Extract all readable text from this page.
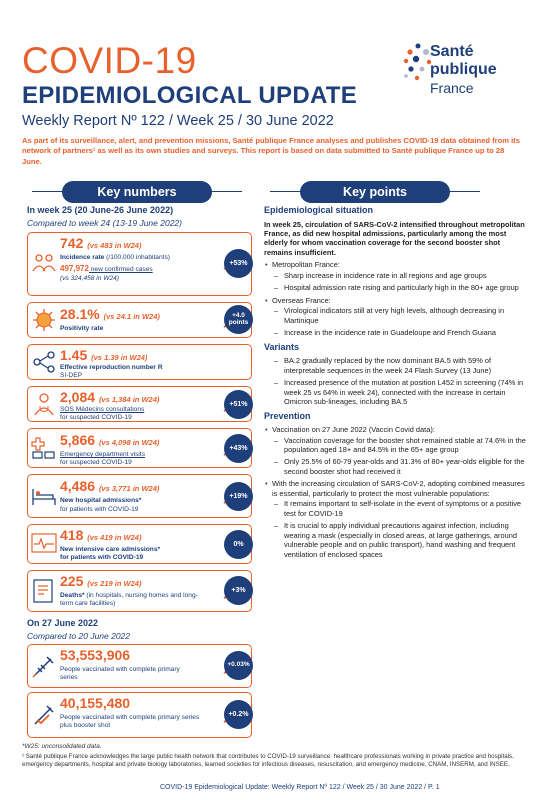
COVID-19
EPIDEMIOLOGICAL UPDATE
Weekly Report Nº 122 / Week 25 / 30 June 2022
Santé
publique
France
As part of its surveillance, alert, and prevention missions, Santé publique France analyses and publishes COVID-19 data obtained from its network of partners¹ as well as its own studies and surveys. This report is based on data submitted to Santé publique France up to 28 June.
Key numbers	Key points
In week 25 (20 June-26 June 2022)
Compared to week 24 (13-19 June 2022)
742 (vs 483 in W24)
Incidence rate (/100,000 inhabitants)
497,972 new confirmed cases
(vs 324,458 in W24)
+53%
28.1% (vs 24.1 in W24)
Positivity rate
+4.0 points
1.45 (vs 1.39 in W24)
Effective reproduction number R
SI-DEP
2,084 (vs 1,384 in W24)
SOS Médecins consultations
for suspected COVID-19
+51%
5,866 (vs 4,098 in W24)
Emergency department visits
for suspected COVID-19
+43%
4,486 (vs 3,771 in W24)
New hospital admissions*
for patients with COVID-19
+19%
418 (vs 419 in W24)
New intensive care admissions*
for patients with COVID-19
0%
225 (vs 219 in W24)
Deaths* (in hospitals, nursing homes and long-term care facilities)
+3%
On 27 June 2022
Compared to 20 June 2022
53,553,906
People vaccinated with complete primary series
+0.03%
40,155,480
People vaccinated with complete primary series plus booster shot
+0.2%
Epidemiological situation
In week 25, circulation of SARS-CoV-2 intensified throughout metropolitan France, as did new hospital admissions, particularly among the most elderly for whom vaccination coverage for the second booster shot remains insufficient.
• Metropolitan France:
– Sharp increase in incidence rate in all regions and age groups
– Hospital admission rate rising and particularly high in the 80+ age group
• Overseas France:
– Virological indicators still at very high levels, although decreasing in Martinique
– Increase in the incidence rate in Guadeloupe and French Guiana
Variants
– BA.2 gradually replaced by the now dominant BA.5 with 59% of interpretable sequences in the week 24 Flash Survey (13 June)
– Increased presence of the mutation at position L452 in screening (74% in week 25 vs 64% in week 24), connected with the increase in certain Omicron sub-lineages, including BA.5
Prevention
• Vaccination on 27 June 2022 (Vaccin Covid data):
– Vaccination coverage for the booster shot remained stable at 74.6% in the population aged 18+ and 84.5% in the 65+ age group
– Only 25.5% of 60-79 year-olds and 31.3% of 80+ year-olds eligible for the second booster shot had received it
• With the increasing circulation of SARS-CoV-2, adopting combined measures is essential, particularly to protect the most vulnerable populations:
– It remains important to self-isolate in the event of symptoms or a positive test for COVID-19
– It is crucial to apply individual precautions against infection, including wearing a mask (especially in closed areas, at large gatherings, around vulnerable people and on public transport), hand washing and frequent ventilation of enclosed spaces
*W25: unconsolidated data.
¹ Santé publique France acknowledges the large public health network that contributes to COVID-19 surveillance: healthcare professionals working in private practice and hospitals, emergency departments, hospital and private biology laboratories, learned societies for infectious diseases, resuscitation, and emergency medicine, CNAM, INSERM, and INSEE.
COVID-19 Epidemiological Update: Weekly Report Nº 122 / Week 25 / 30 June 2022 / P. 1
